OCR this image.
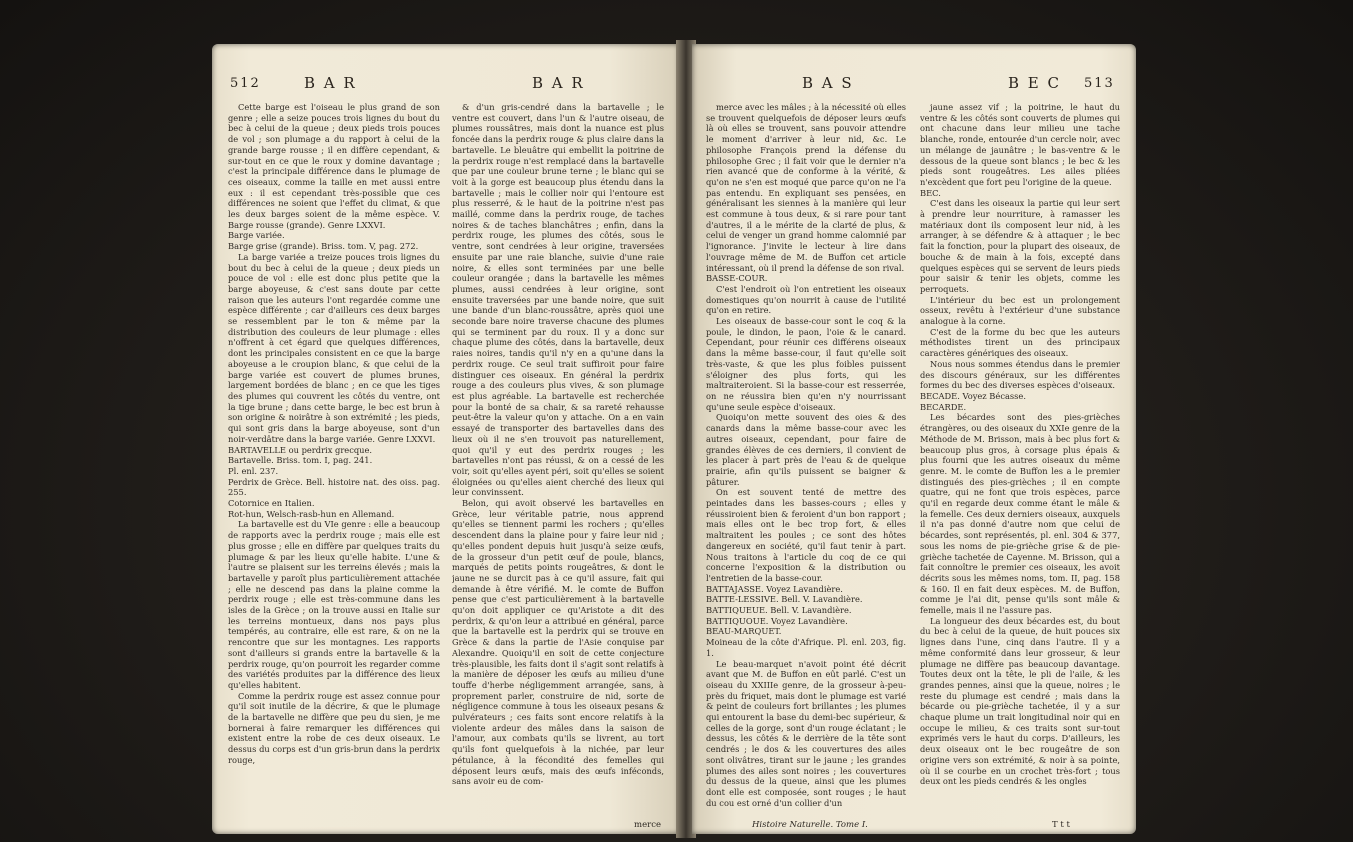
512	B A R	B A R

Cette barge est l'oiseau le plus grand de son genre ; elle a seize pouces trois lignes du bout du bec à celui de la queue ; deux pieds trois pouces de vol ; son plumage a du rapport à celui de la grande barge rousse ; il en diffère cependant, & sur-tout en ce que le roux y domine davantage ; c'est la principale différence dans le plumage de ces oiseaux, comme la taille en met aussi entre eux : il est cependant très-possible que ces différences ne soient que l'effet du climat, & que les deux barges soient de la même espèce. V. Barge rousse (grande). Genre LXXVI.

Barge variée.

Barge grise (grande). Briss. tom. V, pag. 272.

La barge variée a treize pouces trois lignes du bout du bec à celui de la queue ; deux pieds un pouce de vol : elle est donc plus petite que la barge aboyeuse, & c'est sans doute par cette raison que les auteurs l'ont regardée comme une espèce différente ; car d'ailleurs ces deux barges se ressemblent par le ton & même par la distribution des couleurs de leur plumage : elles n'offrent à cet égard que quelques différences, dont les principales consistent en ce que la barge aboyeuse a le croupion blanc, & que celui de la barge variée est couvert de plumes brunes, largement bordées de blanc ; en ce que les tiges des plumes qui couvrent les côtés du ventre, ont la tige brune ; dans cette barge, le bec est brun à son origine & noirâtre à son extrémité ; les pieds, qui sont gris dans la barge aboyeuse, sont d'un noir-verdâtre dans la barge variée. Genre LXXVI.

BARTAVELLE ou perdrix grecque.

Bartavelle. Briss. tom. I, pag. 241.

Pl. enl. 237.

Perdrix de Grèce. Bell. histoire nat. des oiss. pag. 255.

Cotornice en Italien.

Rot-hun, Welsch-rasb-hun en Allemand.

La bartavelle est du VIe genre : elle a beaucoup de rapports avec la perdrix rouge ; mais elle est plus grosse ; elle en diffère par quelques traits du plumage & par les lieux qu'elle habite. L'une & l'autre se plaisent sur les terreins élevés ; mais la bartavelle y paroît plus particulièrement attachée ; elle ne descend pas dans la plaine comme la perdrix rouge ; elle est très-commune dans les isles de la Grèce ; on la trouve aussi en Italie sur les terreins montueux, dans nos pays plus tempérés, au contraire, elle est rare, & on ne la rencontre que sur les montagnes. Les rapports sont d'ailleurs si grands entre la bartavelle & la perdrix rouge, qu'on pourroit les regarder comme des variétés produites par la différence des lieux qu'elles habitent.

Comme la perdrix rouge est assez connue pour qu'il soit inutile de la décrire, & que le plumage de la bartavelle ne diffère que peu du sien, je me bornerai à faire remarquer les différences qui existent entre la robe de ces deux oiseaux. Le dessus du corps est d'un gris-brun dans la perdrix rouge,

& d'un gris-cendré dans la bartavelle ; le ventre est couvert, dans l'un & l'autre oiseau, de plumes roussâtres, mais dont la nuance est plus foncée dans la perdrix rouge & plus claire dans la bartavelle. Le bleuâtre qui embellit la poitrine de la perdrix rouge n'est remplacé dans la bartavelle que par une couleur brune terne ; le blanc qui se voit à la gorge est beaucoup plus étendu dans la bartavelle ; mais le collier noir qui l'entoure est plus resserré, & le haut de la poitrine n'est pas maillé, comme dans la perdrix rouge, de taches noires & de taches blanchâtres ; enfin, dans la perdrix rouge, les plumes des côtés, sous le ventre, sont cendrées à leur origine, traversées ensuite par une raie blanche, suivie d'une raie noire, & elles sont terminées par une belle couleur orangée ; dans la bartavelle les mêmes plumes, aussi cendrées à leur origine, sont ensuite traversées par une bande noire, que suit une bande d'un blanc-roussâtre, après quoi une seconde bare noire traverse chacune des plumes qui se terminent par du roux. Il y a donc sur chaque plume des côtés, dans la bartavelle, deux raies noires, tandis qu'il n'y en a qu'une dans la perdrix rouge. Ce seul trait suffiroit pour faire distinguer ces oiseaux. En général la perdrix rouge a des couleurs plus vives, & son plumage est plus agréable. La bartavelle est recherchée pour la bonté de sa chair, & sa rareté rehausse peut-être la valeur qu'on y attache. On a en vain essayé de transporter des bartavelles dans des lieux où il ne s'en trouvoit pas naturellement, quoi qu'il y eut des perdrix rouges ; les bartavelles n'ont pas réussi, & on a cessé de les voir, soit qu'elles ayent péri, soit qu'elles se soient éloignées ou qu'elles aient cherché des lieux qui leur convinssent.

Belon, qui avoit observé les bartavelles en Grèce, leur véritable patrie, nous apprend qu'elles se tiennent parmi les rochers ; qu'elles descendent dans la plaine pour y faire leur nid ; qu'elles pondent depuis huit jusqu'à seize œufs, de la grosseur d'un petit œuf de poule, blancs, marqués de petits points rougeâtres, & dont le jaune ne se durcit pas à ce qu'il assure, fait qui demande à être vérifié. M. le comte de Buffon pense que c'est particulièrement à la bartavelle qu'on doit appliquer ce qu'Aristote a dit des perdrix, & qu'on leur a attribué en général, parce que la bartavelle est la perdrix qui se trouve en Grèce & dans la partie de l'Asie conquise par Alexandre. Quoiqu'il en soit de cette conjecture très-plausible, les faits dont il s'agit sont relatifs à la manière de déposer les œufs au milieu d'une touffe d'herbe négligemment arrangée, sans, à proprement parler, construire de nid, sorte de négligence commune à tous les oiseaux pesans & pulvérateurs ; ces faits sont encore relatifs à la violente ardeur des mâles dans la saison de l'amour, aux combats qu'ils se livrent, au tort qu'ils font quelquefois à la nichée, par leur pétulance, à la fécondité des femelles qui déposent leurs œufs, mais des œufs inféconds, sans avoir eu de com-

merce
B A S	B E C 513

merce avec les mâles ; à la nécessité où elles se trouvent quelquefois de déposer leurs œufs là où elles se trouvent, sans pouvoir attendre le moment d'arriver à leur nid, &c. Le philosophe François prend la défense du philosophe Grec ; il fait voir que le dernier n'a rien avancé que de conforme à la vérité, & qu'on ne s'en est moqué que parce qu'on ne l'a pas entendu. En expliquant ses pensées, en généralisant les siennes à la manière qui leur est commune à tous deux, & si rare pour tant d'autres, il a le mérite de la clarté de plus, & celui de venger un grand homme calomnié par l'ignorance. J'invite le lecteur à lire dans l'ouvrage même de M. de Buffon cet article intéressant, où il prend la défense de son rival.

BASSE-COUR.

C'est l'endroit où l'on entretient les oiseaux domestiques qu'on nourrit à cause de l'utilité qu'on en retire.

Les oiseaux de basse-cour sont le coq & la poule, le dindon, le paon, l'oie & le canard. Cependant, pour réunir ces différens oiseaux dans la même basse-cour, il faut qu'elle soit très-vaste, & que les plus foibles puissent s'éloigner des plus forts, qui les maltraiteroient. Si la basse-cour est resserrée, on ne réussira bien qu'en n'y nourrissant qu'une seule espèce d'oiseaux.

Quoiqu'on mette souvent des oies & des canards dans la même basse-cour avec les autres oiseaux, cependant, pour faire de grandes élèves de ces derniers, il convient de les placer à part près de l'eau & de quelque prairie, afin qu'ils puissent se baigner & pâturer.

On est souvent tenté de mettre des peintades dans les basses-cours ; elles y réussiroient bien & feroient d'un bon rapport ; mais elles ont le bec trop fort, & elles maltraitent les poules ; ce sont des hôtes dangereux en société, qu'il faut tenir à part. Nous traitons à l'article du coq de ce qui concerne l'exposition & la distribution ou l'entretien de la basse-cour.

BATTAJASSE. Voyez Lavandière.

BATTE-LESSIVE. Bell. V. Lavandière.

BATTIQUEUE. Bell. V. Lavandière.

BATTIQUOUE. Voyez Lavandière.

BEAU-MARQUET.

Moineau de la côte d'Afrique. Pl. enl. 203, fig. 1.

Le beau-marquet n'avoit point été décrit avant que M. de Buffon en eût parlé. C'est un oiseau du XXIIIe genre, de la grosseur à-peu-près du friquet, mais dont le plumage est varié & peint de couleurs fort brillantes ; les plumes qui entourent la base du demi-bec supérieur, & celles de la gorge, sont d'un rouge éclatant ; le dessus, les côtés & le derrière de la tête sont cendrés ; le dos & les couvertures des ailes sont olivâtres, tirant sur le jaune ; les grandes plumes des ailes sont noires ; les couvertures du dessus de la queue, ainsi que les plumes dont elle est composée, sont rouges ; le haut du cou est orné d'un collier d'un

jaune assez vif ; la poitrine, le haut du ventre & les côtés sont couverts de plumes qui ont chacune dans leur milieu une tache blanche, ronde, entourée d'un cercle noir, avec un mélange de jaunâtre ; le bas-ventre & le dessous de la queue sont blancs ; le bec & les pieds sont rougeâtres. Les ailes pliées n'excèdent que fort peu l'origine de la queue.

BEC.

C'est dans les oiseaux la partie qui leur sert à prendre leur nourriture, à ramasser les matériaux dont ils composent leur nid, à les arranger, à se défendre & à attaquer ; le bec fait la fonction, pour la plupart des oiseaux, de bouche & de main à la fois, excepté dans quelques espèces qui se servent de leurs pieds pour saisir & tenir les objets, comme les perroquets.

L'intérieur du bec est un prolongement osseux, revêtu à l'extérieur d'une substance analogue à la corne.

C'est de la forme du bec que les auteurs méthodistes tirent un des principaux caractères génériques des oiseaux.

Nous nous sommes étendus dans le premier des discours généraux, sur les différentes formes du bec des diverses espèces d'oiseaux.

BECADE. Voyez Bécasse.

BECARDE.

Les bécardes sont des pies-grièches étrangères, ou des oiseaux du XXIe genre de la Méthode de M. Brisson, mais à bec plus fort & beaucoup plus gros, à corsage plus épais & plus fourni que les autres oiseaux du même genre. M. le comte de Buffon les a le premier distingués des pies-grièches ; il en compte quatre, qui ne font que trois espèces, parce qu'il en regarde deux comme étant le mâle & la femelle. Ces deux derniers oiseaux, auxquels il n'a pas donné d'autre nom que celui de bécardes, sont représentés, pl. enl. 304 & 377, sous les noms de pie-grièche grise & de pie-grièche tachetée de Cayenne. M. Brisson, qui a fait connoître le premier ces oiseaux, les avoit décrits sous les mêmes noms, tom. II, pag. 158 & 160. Il en fait deux espèces. M. de Buffon, comme je l'ai dit, pense qu'ils sont mâle & femelle, mais il ne l'assure pas.

La longueur des deux bécardes est, du bout du bec à celui de la queue, de huit pouces six lignes dans l'une, cinq dans l'autre. Il y a même conformité dans leur grosseur, & leur plumage ne diffère pas beaucoup davantage. Toutes deux ont la tête, le pli de l'aile, & les grandes pennes, ainsi que la queue, noires ; le reste du plumage est cendré ; mais dans la bécarde ou pie-grièche tachetée, il y a sur chaque plume un trait longitudinal noir qui en occupe le milieu, & ces traits sont sur-tout exprimés vers le haut du corps. D'ailleurs, les deux oiseaux ont le bec rougeâtre de son origine vers son extrémité, & noir à sa pointe, où il se courbe en un crochet très-fort ; tous deux ont les pieds cendrés & les ongles

Histoire Naturelle. Tome I.	T t t
